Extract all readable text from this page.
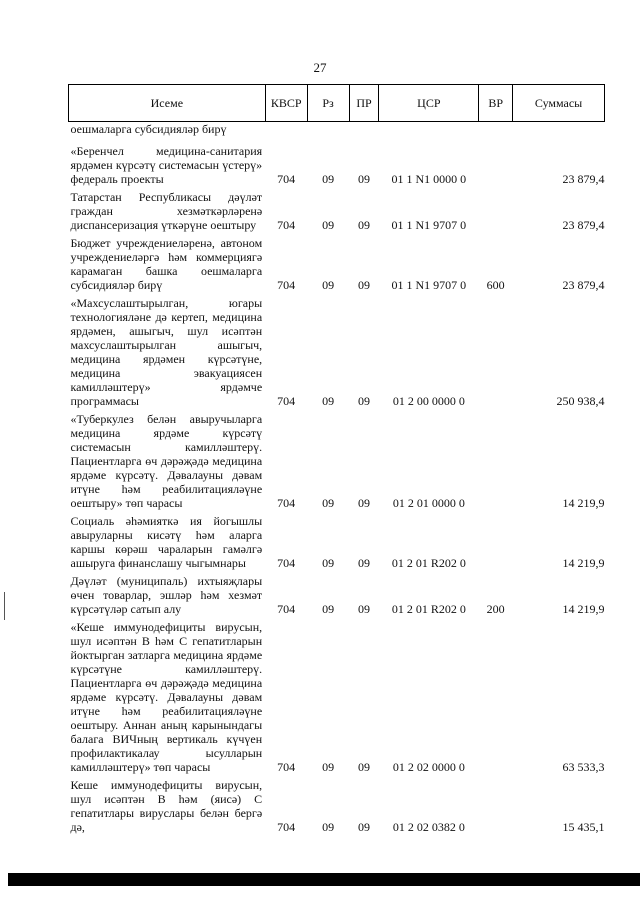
27
Исеме	КВСР	Рз	ПР	ЦСР	ВР	Суммасы
оешмаларга субсидияләр бирү						
«Беренчел медицина-санитария ярдәмен күрсәтү системасын үстерү» федераль проекты	704	09	09	01 1 N1 0000 0		23 879,4
Татарстан Республикасы дәүләт граждан хезмәткәрләренә диспансеризация үткәрүне оештыру	704	09	09	01 1 N1 9707 0		23 879,4
Бюджет учреждениеләренә, автоном учреждениеләргә һәм коммерциягә карамаган башка оешмаларга субсидияләр бирү	704	09	09	01 1 N1 9707 0	600	23 879,4
«Махсуслаштырылган, югары технологияләне дә кертеп, медицина ярдәмен, ашыгыч, шул исәптән махсуслаштырылган ашыгыч, медицина ярдәмен күрсәтүне, медицина эвакуациясен камилләштерү» ярдәмче программасы	704	09	09	01 2 00 0000 0		250 938,4
«Туберкулез белән авыручыларга медицина ярдәме күрсәтү системасын камилләштерү. Пациентларга өч дәрәҗәдә медицина ярдәме күрсәтү. Дәвалауны дәвам итүне һәм реабилитацияләүне оештыру» төп чарасы	704	09	09	01 2 01 0000 0		14 219,9
Социаль әһәмияткә ия йогышлы авыруларны кисәтү һәм аларга каршы көрәш чараларын гамәлгә ашыруга финанслашу чыгымнары	704	09	09	01 2 01 R202 0		14 219,9
Дәүләт (муниципаль) ихтыяҗлары өчен товарлар, эшләр һәм хезмәт күрсәтүләр сатып алу	704	09	09	01 2 01 R202 0	200	14 219,9
«Кеше иммунодефициты вирусын, шул исәптән B һәм C гепатитларын йоктырган затларга медицина ярдәме күрсәтүне камилләштерү. Пациентларга өч дәрәҗәдә медицина ярдәме күрсәтү. Дәвалауны дәвам итүне һәм реабилитацияләүне оештыру. Аннан аның карынындагы балага ВИЧның вертикаль күчүен профилактикалау ысулларын камилләштерү» төп чарасы	704	09	09	01 2 02 0000 0		63 533,3
Кеше иммунодефициты вирусын, шул исәптән B һәм (яисә) C гепатитлары вируслары белән бергә дә,	704	09	09	01 2 02 0382 0		15 435,1
